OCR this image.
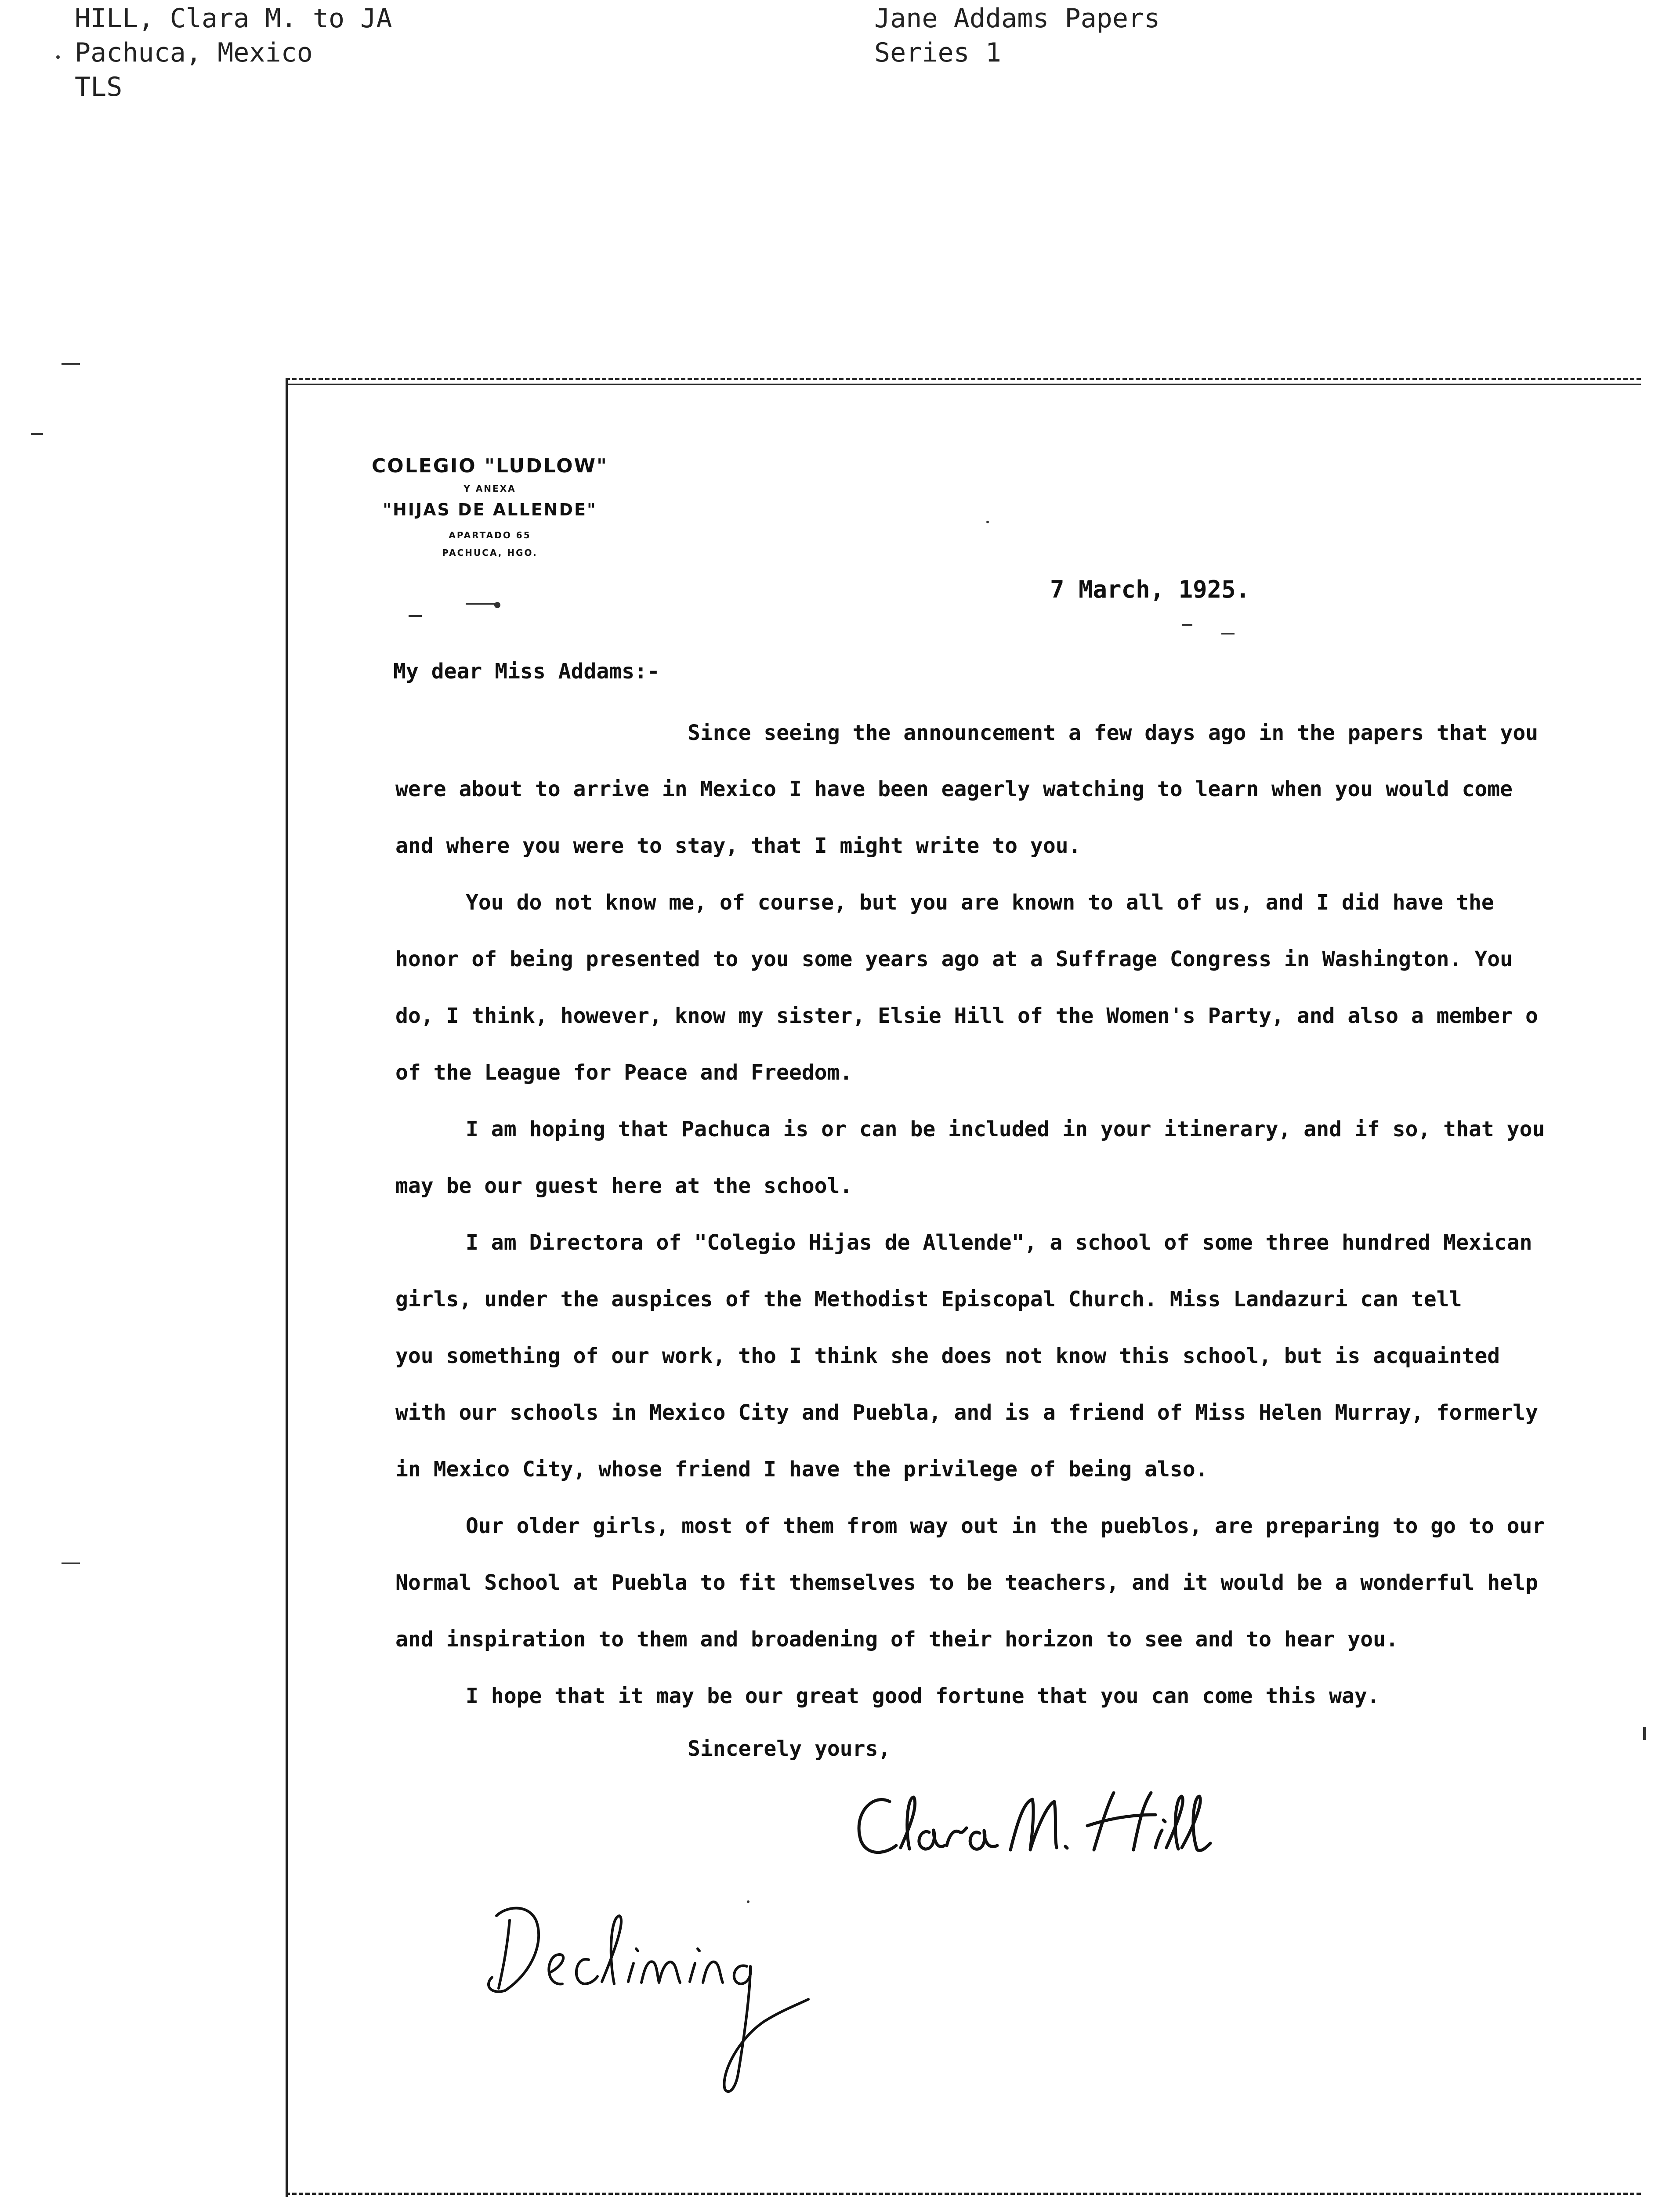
HILL, Clara M. to JA
Pachuca, Mexico
TLS
Jane Addams Papers
Series 1
COLEGIO "LUDLOW"
Y ANEXA
"HIJAS DE ALLENDE"
APARTADO 65
PACHUCA, HGO.
7 March, 1925.
My dear Miss Addams:-
Since seeing the announcement a few days ago in the papers that you
were about to arrive in Mexico I have been eagerly watching to learn when you would come
and where you were to stay, that I might write to you.
You do not know me, of course, but you are known to all of us, and I did have the
honor of being presented to you some years ago at a Suffrage Congress in Washington. You
do, I think, however, know my sister, Elsie Hill of the Women's Party, and also a member o
of the League for Peace and Freedom.
I am hoping that Pachuca is or can be included in your itinerary, and if so, that you
may be our guest here at the school.
I am Directora of "Colegio Hijas de Allende", a school of some three hundred Mexican
girls, under the auspices of the Methodist Episcopal Church. Miss Landazuri can tell
you something of our work, tho I think she does not know this school, but is acquainted
with our schools in Mexico City and Puebla, and is a friend of Miss Helen Murray, formerly
in Mexico City, whose friend I have the privilege of being also.
Our older girls, most of them from way out in the pueblos, are preparing to go to our
Normal School at Puebla to fit themselves to be teachers, and it would be a wonderful help
and inspiration to them and broadening of their horizon to see and to hear you.
I hope that it may be our great good fortune that you can come this way.
Sincerely yours,
